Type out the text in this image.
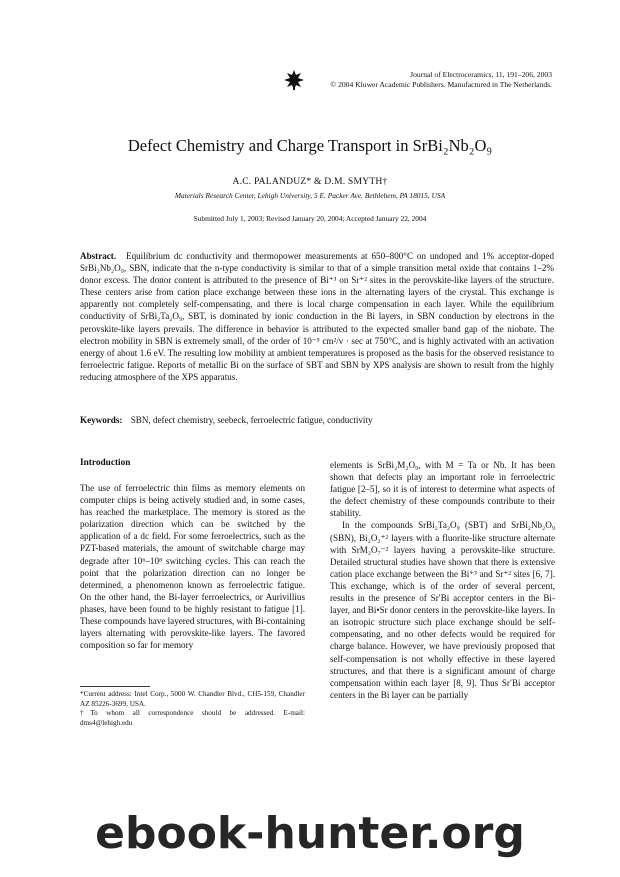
Journal of Electroceramics, 11, 191–206, 2003
© 2004 Kluwer Academic Publishers. Manufactured in The Netherlands.
Defect Chemistry and Charge Transport in SrBi₂Nb₂O₉
A.C. PALANDUZ* & D.M. SMYTH†
Materials Research Center, Lehigh University, 5 E. Packer Ave. Bethlehem, PA 18015, USA
Submitted July 1, 2003; Revised January 20, 2004; Accepted January 22, 2004
Abstract. Equilibrium dc conductivity and thermopower measurements at 650–800°C on undoped and 1% acceptor-doped SrBi₂Nb₂O₉, SBN, indicate that the n-type conductivity is similar to that of a simple transition metal oxide that contains 1–2% donor excess. The donor content is attributed to the presence of Bi⁺³ on Sr⁺² sites in the perovskite-like layers of the structure. These centers arise from cation place exchange between these ions in the alternating layers of the crystal. This exchange is apparently not completely self-compensating, and there is local charge compensation in each layer. While the equilibrium conductivity of SrBi₂Ta₂O₉, SBT, is dominated by ionic conduction in the Bi layers, in SBN conduction by electrons in the perovskite-like layers prevails. The difference in behavior is attributed to the expected smaller band gap of the niobate. The electron mobility in SBN is extremely small, of the order of 10⁻⁵ cm²/v · sec at 750°C, and is highly activated with an activation energy of about 1.6 eV. The resulting low mobility at ambient temperatures is proposed as the basis for the observed resistance to ferroelectric fatigue. Reports of metallic Bi on the surface of SBT and SBN by XPS analysis are shown to result from the highly reducing atmosphere of the XPS apparatus.
Keywords: SBN, defect chemistry, seebeck, ferroelectric fatigue, conductivity
Introduction

The use of ferroelectric thin films as memory elements on computer chips is being actively studied and, in some cases, has reached the marketplace. The memory is stored as the polarization direction which can be switched by the application of a dc field. For some ferroelectrics, such as the PZT-based materials, the amount of switchable charge may degrade after 10⁶–10⁸ switching cycles. This can reach the point that the polarization direction can no longer be determined, a phenomenon known as ferroelectric fatigue. On the other hand, the Bi-layer ferroelectrics, or Aurivillius phases, have been found to be highly resistant to fatigue [1]. These compounds have layered structures, with Bi-containing layers alternating with perovskite-like layers. The favored composition so far for memory

elements is SrBi₂M₂O₉, with M = Ta or Nb. It has been shown that defects play an important role in ferroelectric fatigue [2–5], so it is of interest to determine what aspects of the defect chemistry of these compounds contribute to their stability.

In the compounds SrBi₂Ta₂O₉ (SBT) and SrBi₂Nb₂O₉ (SBN), Bi₂O₂⁺² layers with a fluorite-like structure alternate with SrM₂O₇⁻² layers having a perovskite-like structure. Detailed structural studies have shown that there is extensive cation place exchange between the Bi⁺³ and Sr⁺² sites [6, 7]. This exchange, which is of the order of several percent, results in the presence of Sr′Bi acceptor centers in the Bi-layer, and Bi•Sr donor centers in the perovskite-like layers. In an isotropic structure such place exchange should be self-compensating, and no other defects would be required for charge balance. However, we have previously proposed that self-compensation is not wholly effective in these layered structures, and that there is a significant amount of charge compensation within each layer [8, 9]. Thus Sr′Bi acceptor centers in the Bi layer can be partially

*Current address: Intel Corp., 5000 W. Chandler Blvd., CH5-159, Chandler AZ 85226-3699, USA.

†To whom all correspondence should be addressed. E-mail: dms4@lehigh.edu

ebook-hunter.org
